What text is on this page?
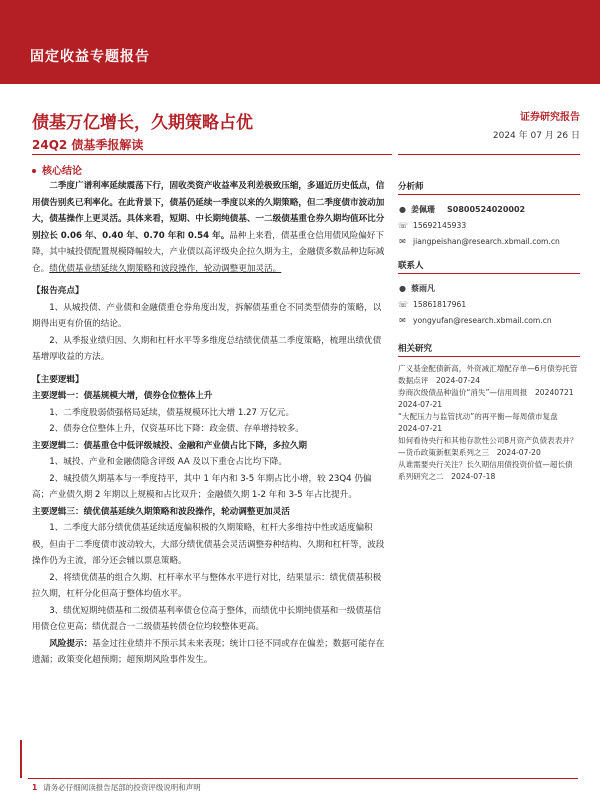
固定收益专题报告
债基万亿增长，久期策略占优
24Q2 债基季报解读
证券研究报告
2024 年 07 月 26 日
核心结论

二季度广谱利率延续震荡下行，固收类资产收益率及利差极致压缩，多逼近历史低点，信用债告别炙已利率化。在此背景下，债基仍延续一季度以来的久期策略，但二季度债市波动加大，债基操作上更灵活。具体来看，短期、中长期纯债基、一二级债基重仓券久期均值环比分别拉长 0.06 年、0.40 年、0.70 年和 0.54 年。品种上来看，债基重仓信用债风险偏好下降，其中城投债配置规模降幅较大，产业债以高评级央企拉久期为主，金融债多数品种边际减仓。绩优债基业绩延续久期策略和波段操作，轮动调整更加灵活。

【报告亮点】

1、从城投债、产业债和金融债重仓券角度出发，拆解债基重仓不同类型债券的策略，以期得出更有价值的结论。

2、从季报业绩归因、久期和杠杆水平等多维度总结绩优债基二季度策略，梳理出绩优债基增厚收益的方法。

【主要逻辑】
主要逻辑一：债基规模大增，债券仓位整体上升

1、二季度股弱债强格局延续，债基规模环比大增 1.27 万亿元。

2、债券仓位整体上升，仅资基环比下降：政金债、存单增持较多。

主要逻辑二：债基重仓中低评级城投、金融和产业债占比下降，多拉久期

1、城投、产业和金融债隐含评级 AA 及以下重仓占比均下降。

2、城投债久期基本与一季度持平，其中 1 年内和 3-5 年期占比小增，较 23Q4 仍偏高；产业债久期 2 年期以上规模和占比双升；金融债久期 1-2 年和 3-5 年占比提升。

主要逻辑三：绩优债基延续久期策略和波段操作，轮动调整更加灵活

1、二季度大部分绩优债基延续适度偏积极的久期策略，杠杆大多维持中性或适度偏积极，但由于二季度债市波动较大，大部分绩优债基会灵活调整券种结构、久期和杠杆等，波段操作仍为主流，部分还会辅以票息策略。

2、将绩优债基的组合久期、杠杆率水平与整体水平进行对比，结果显示：绩优债基积极拉久期，杠杆分化但高于整体均值水平。

3、绩优短期纯债基和二级债基利率债仓位高于整体，而绩优中长期纯债基和一级债基信用债仓位更高；绩优混合一二级债基转债仓位均较整体更高。

风险提示：基金过往业绩并不预示其未来表现；统计口径不同或存在偏差；数据可能存在遗漏；政策变化超预期；超预期风险事件发生。

分析师
● 姜佩珊 S0800524020002
☏ 15692145933
✉ jiangpeishan@research.xbmail.com.cn
联系人
● 蔡雨凡
☏ 15861817961
✉ yongyufan@research.xbmail.com.cn
相关研究
广义基金配债新高，外资减汇增配存单—6月债券托管数据点评　2024-07-24
券商次级债品种溢价“消失”—信用周报　20240721　2024-07-21
“大配压力与监管扰动”的再平衡—每周债市复盘　2024-07-21
如何看待央行和其他存款性公司8月资产负债表表并？—货币政策新框架系列之三　2024-07-20
从谁需要央行关注？长久期信用债投资价值—超长债系列研究之二　2024-07-18
1 请务必仔细阅读报告尾部的投资评级说明和声明
